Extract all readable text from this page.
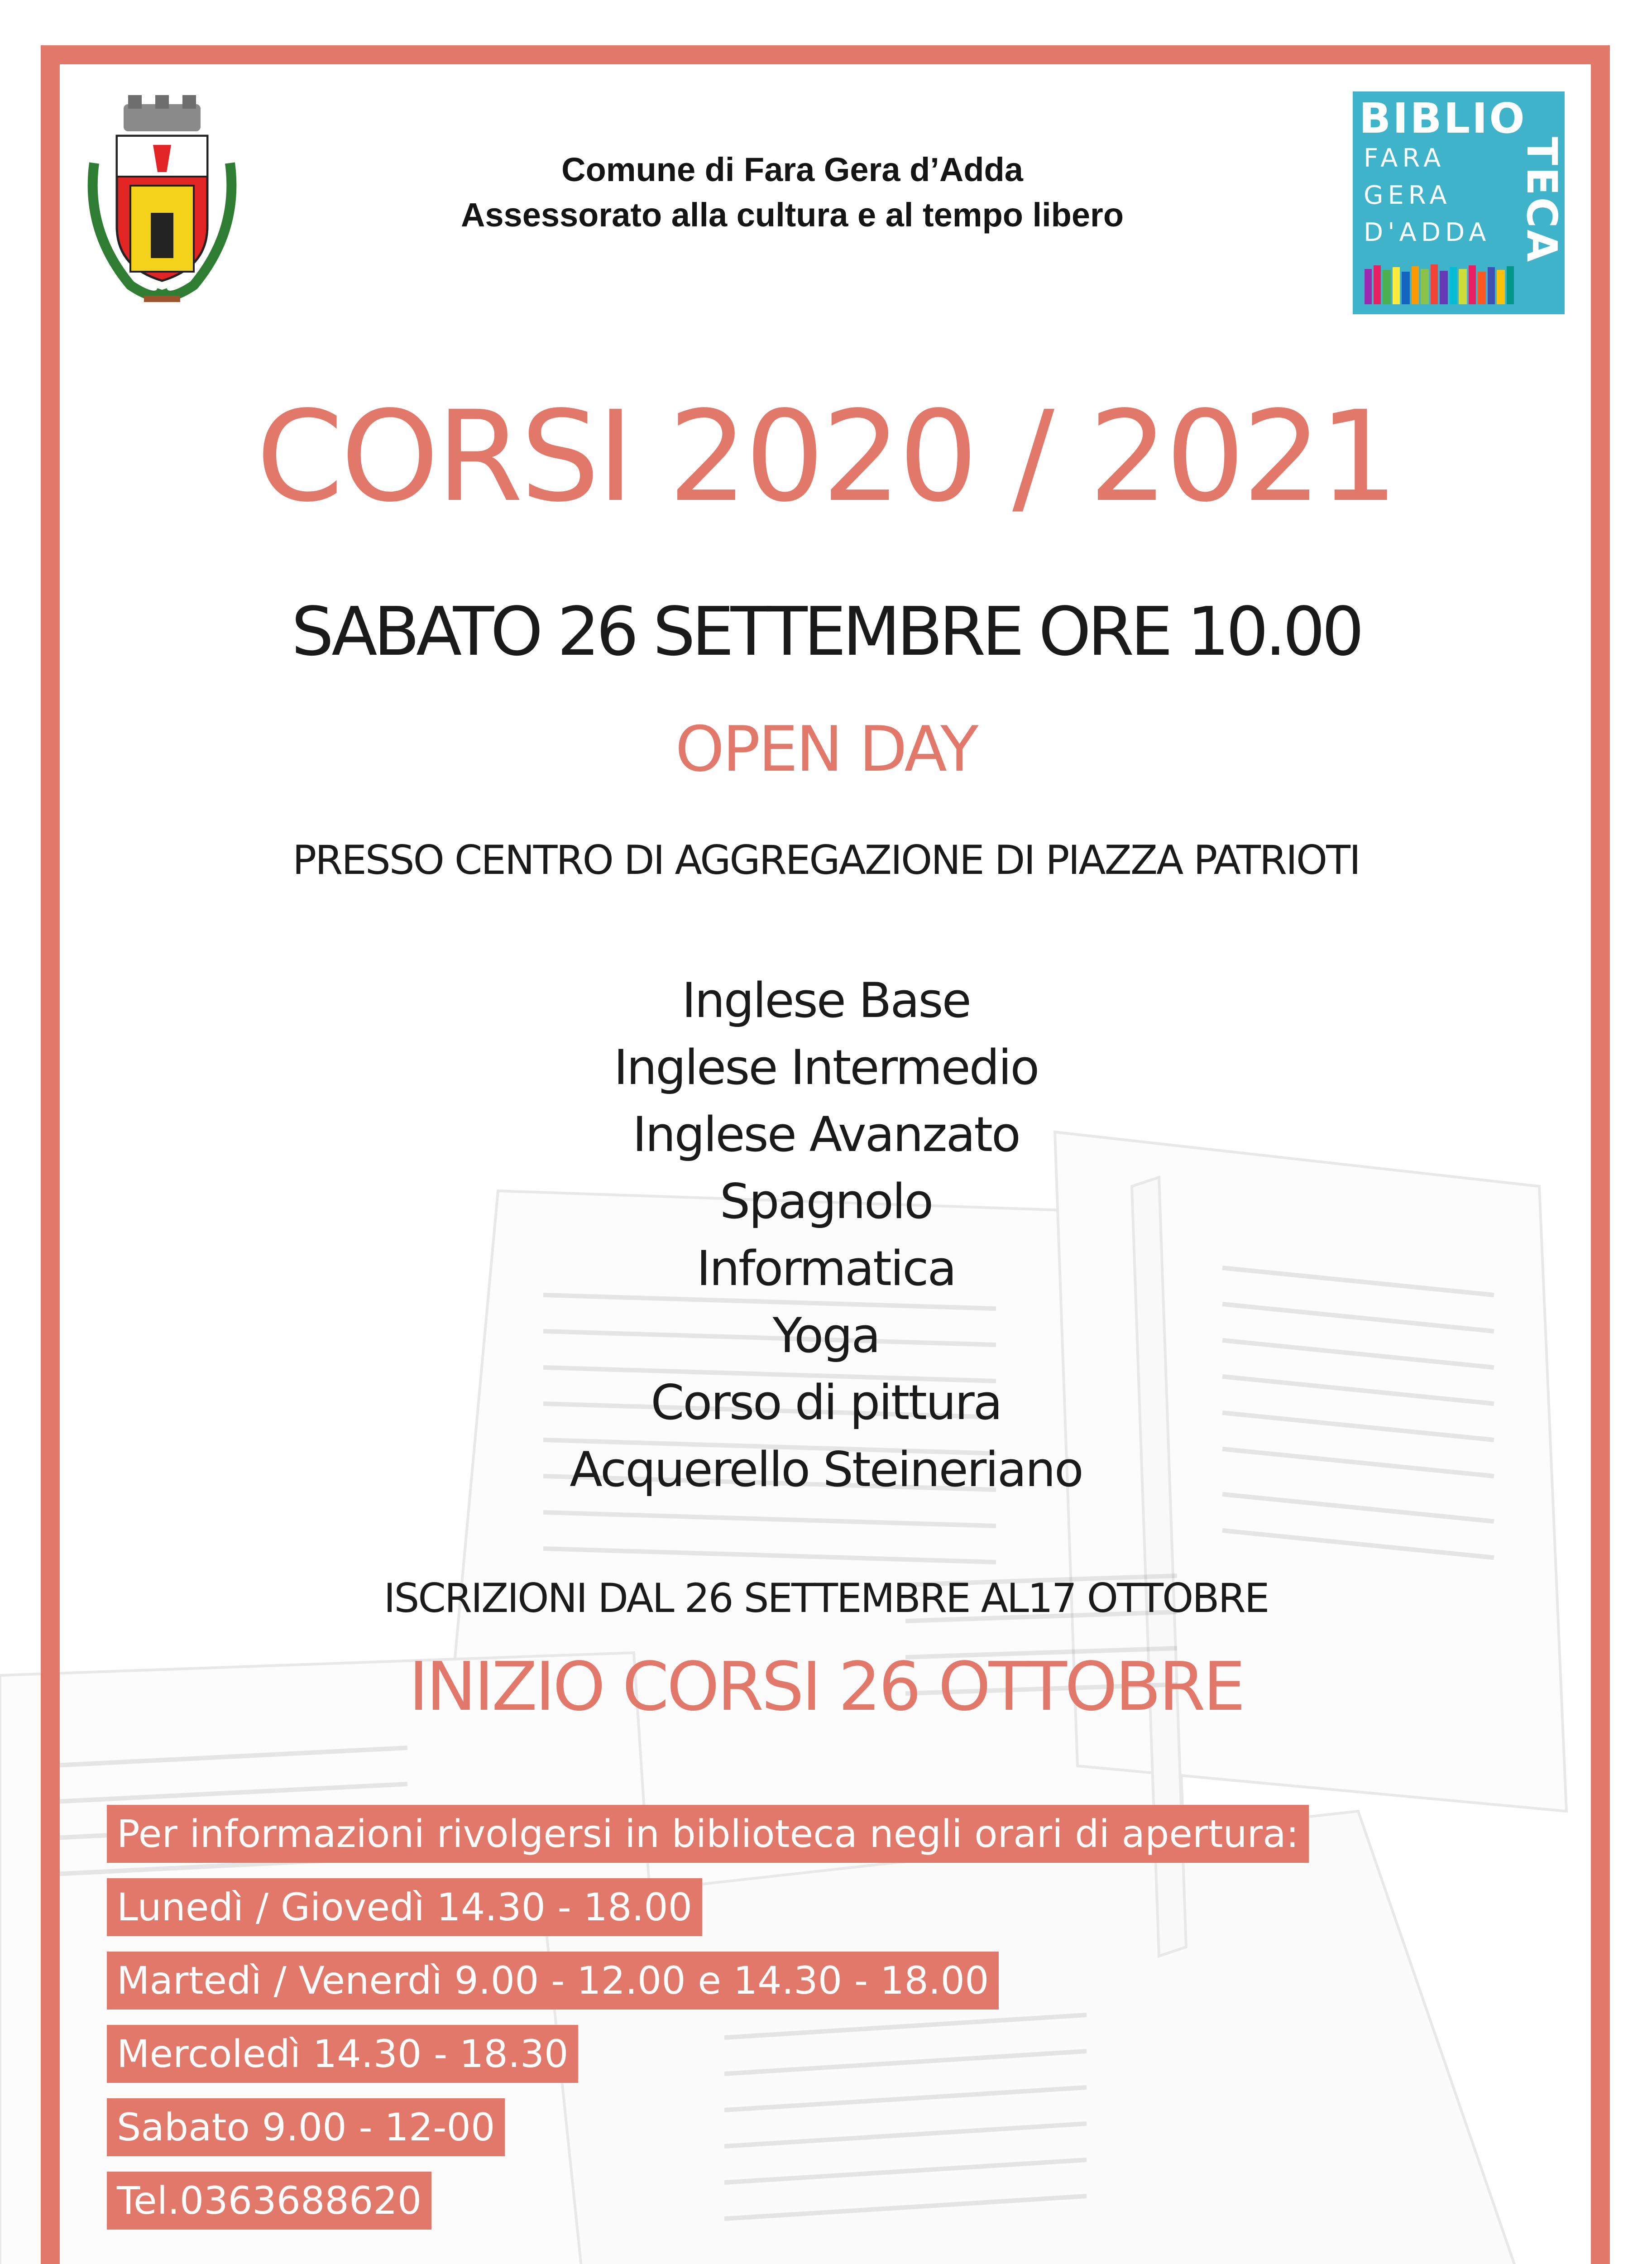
Comune di Fara Gera d’Adda
Assessorato alla cultura e al tempo libero
BIBLIO
FARA
GERA
D'ADDA TECA
CORSI 2020 / 2021
SABATO 26 SETTEMBRE ORE 10.00
OPEN DAY
PRESSO CENTRO DI AGGREGAZIONE DI PIAZZA PATRIOTI
Inglese Base
Inglese Intermedio
Inglese Avanzato
Spagnolo
Informatica
Yoga
Corso di pittura
Acquerello Steineriano
ISCRIZIONI DAL 26 SETTEMBRE AL17 OTTOBRE
INIZIO CORSI 26 OTTOBRE
Per informazioni rivolgersi in biblioteca negli orari di apertura:
Lunedì / Giovedì 14.30 - 18.00
Martedì / Venerdì 9.00 - 12.00 e 14.30 - 18.00
Mercoledì 14.30 - 18.30
Sabato 9.00 - 12-00
Tel.0363688620
